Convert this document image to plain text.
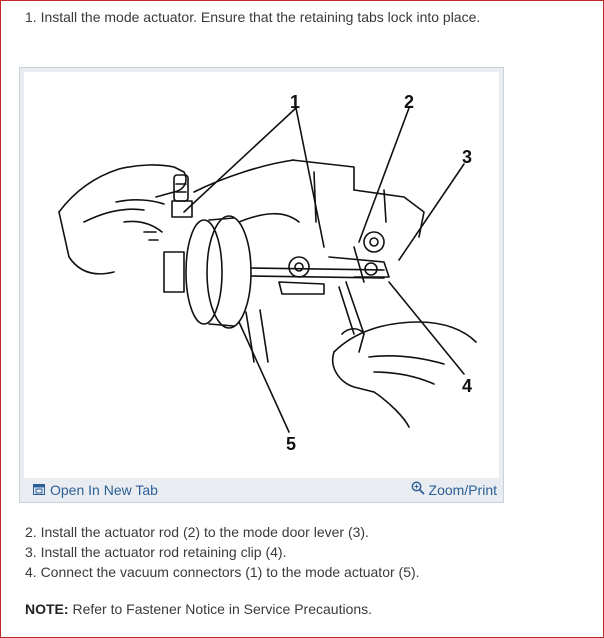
1. Install the mode actuator. Ensure that the retaining tabs lock into place.
1	2
3
4
5
Open In New Tab	Zoom/Print
2. Install the actuator rod (2) to the mode door lever (3).
3. Install the actuator rod retaining clip (4).
4. Connect the vacuum connectors (1) to the mode actuator (5).
NOTE: Refer to Fastener Notice in Service Precautions.
